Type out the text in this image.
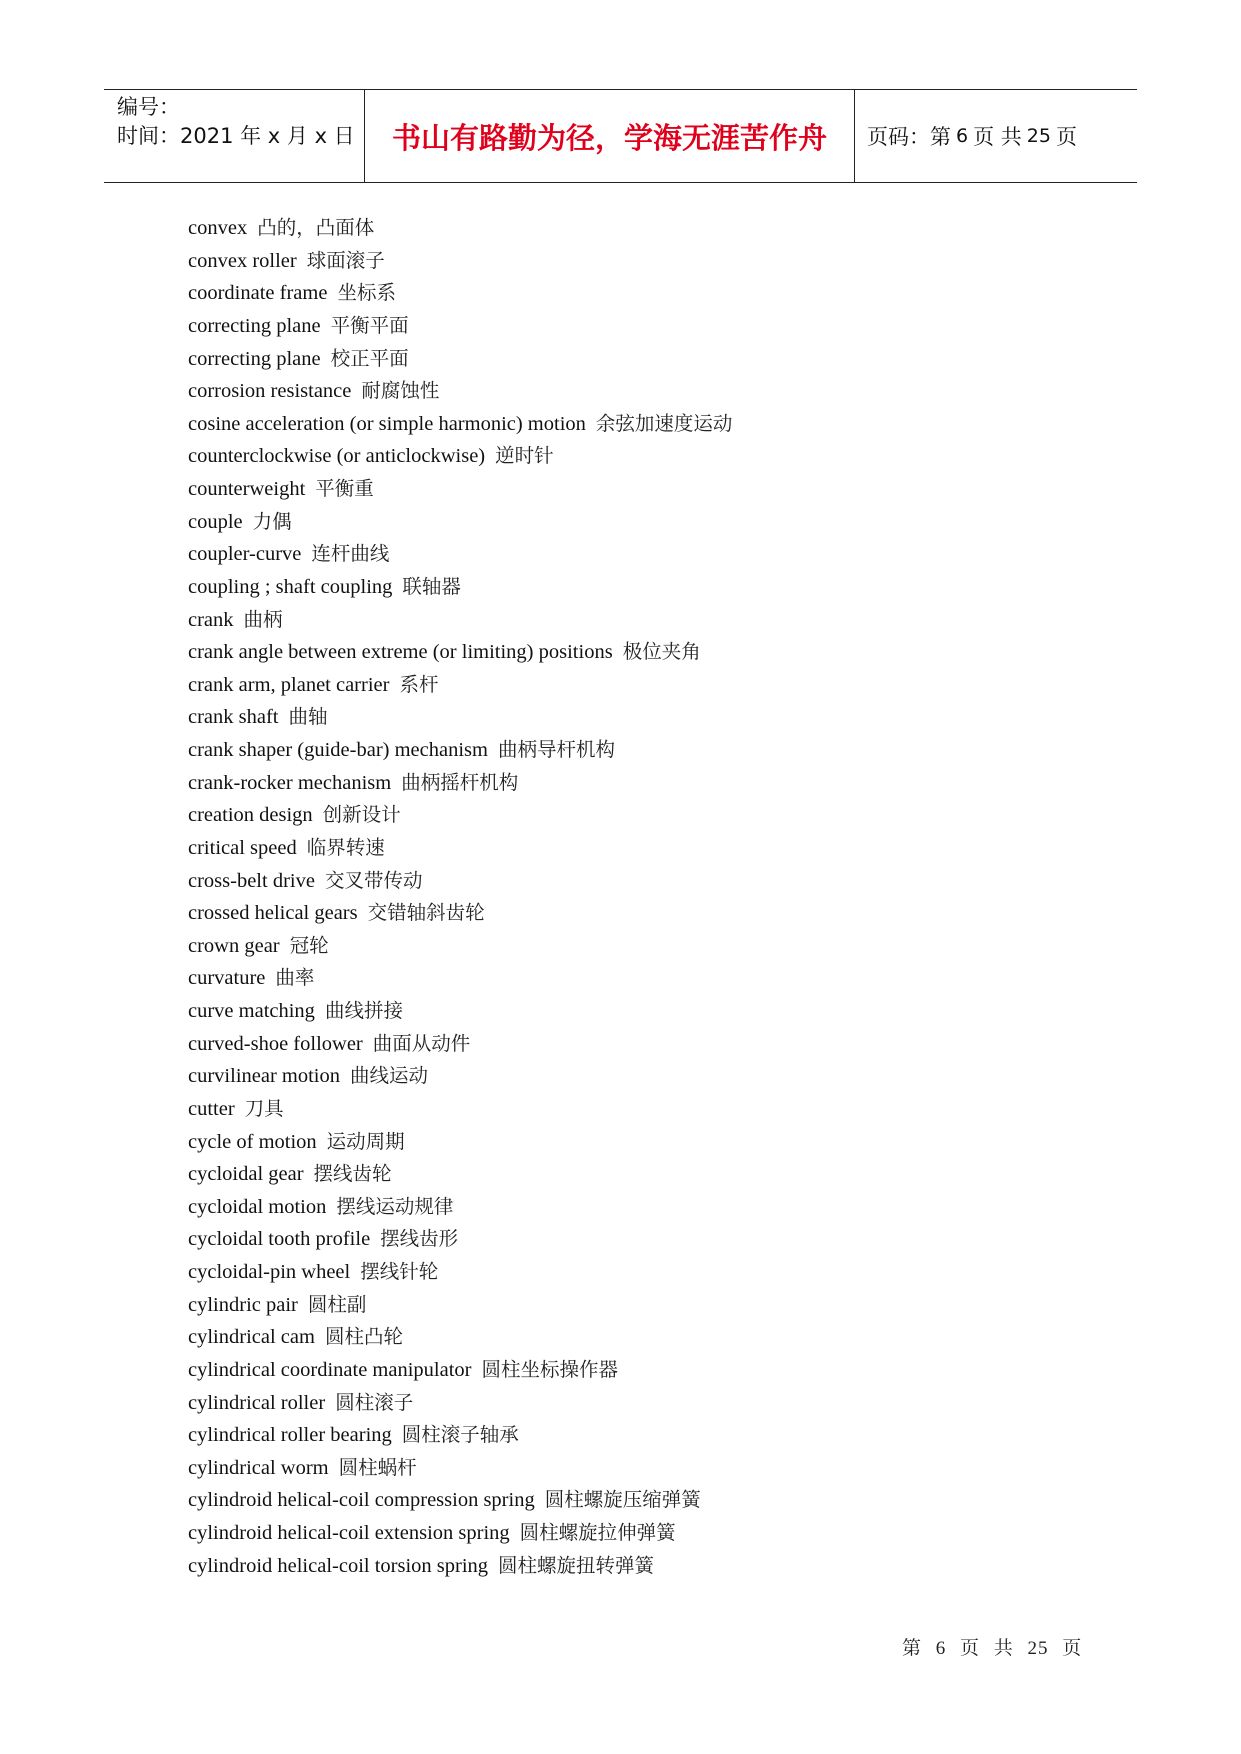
编号：
时间：2021 年 x 月 x 日	书山有路勤为径，学海无涯苦作舟	页码：第 6 页 共 25 页
convex 凸的，凸面体
convex roller 球面滚子
coordinate frame 坐标系
correcting plane 平衡平面
correcting plane 校正平面
corrosion resistance 耐腐蚀性
cosine acceleration (or simple harmonic) motion 余弦加速度运动
counterclockwise (or anticlockwise) 逆时针
counterweight 平衡重
couple 力偶
coupler-curve 连杆曲线
coupling ; shaft coupling 联轴器
crank 曲柄
crank angle between extreme (or limiting) positions 极位夹角
crank arm, planet carrier 系杆
crank shaft 曲轴
crank shaper (guide-bar) mechanism 曲柄导杆机构
crank-rocker mechanism 曲柄摇杆机构
creation design 创新设计
critical speed 临界转速
cross-belt drive 交叉带传动
crossed helical gears 交错轴斜齿轮
crown gear 冠轮
curvature 曲率
curve matching 曲线拼接
curved-shoe follower 曲面从动件
curvilinear motion 曲线运动
cutter 刀具
cycle of motion 运动周期
cycloidal gear 摆线齿轮
cycloidal motion 摆线运动规律
cycloidal tooth profile 摆线齿形
cycloidal-pin wheel 摆线针轮
cylindric pair 圆柱副
cylindrical cam 圆柱凸轮
cylindrical coordinate manipulator 圆柱坐标操作器
cylindrical roller 圆柱滚子
cylindrical roller bearing 圆柱滚子轴承
cylindrical worm 圆柱蜗杆
cylindroid helical-coil compression spring 圆柱螺旋压缩弹簧
cylindroid helical-coil extension spring 圆柱螺旋拉伸弹簧
cylindroid helical-coil torsion spring 圆柱螺旋扭转弹簧
第 6 页 共 25 页
